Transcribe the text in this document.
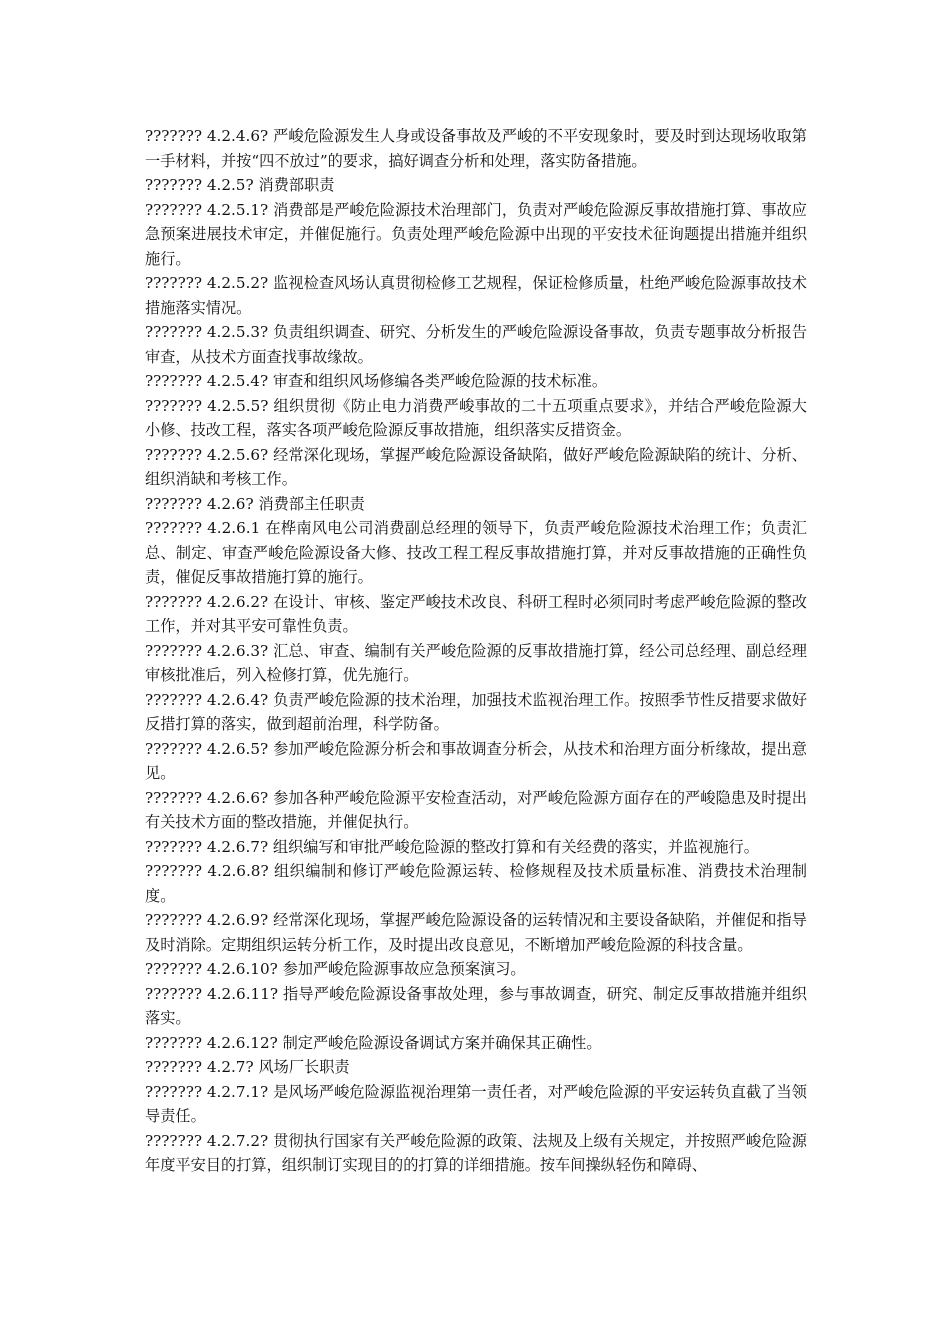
??????? 4.2.4.6? 严峻危险源发生人身或设备事故及严峻的不平安现象时，要及时到达现场收取第一手材料，并按“四不放过”的要求，搞好调查分析和处理，落实防备措施。

??????? 4.2.5? 消费部职责

??????? 4.2.5.1? 消费部是严峻危险源技术治理部门，负责对严峻危险源反事故措施打算、事故应急预案进展技术审定，并催促施行。负责处理严峻危险源中出现的平安技术征询题提出措施并组织施行。

??????? 4.2.5.2? 监视检查风场认真贯彻检修工艺规程，保证检修质量，杜绝严峻危险源事故技术措施落实情况。

??????? 4.2.5.3? 负责组织调查、研究、分析发生的严峻危险源设备事故，负责专题事故分析报告审查，从技术方面查找事故缘故。

??????? 4.2.5.4? 审查和组织风场修编各类严峻危险源的技术标准。

??????? 4.2.5.5? 组织贯彻《防止电力消费严峻事故的二十五项重点要求》，并结合严峻危险源大小修、技改工程，落实各项严峻危险源反事故措施，组织落实反措资金。

??????? 4.2.5.6? 经常深化现场，掌握严峻危险源设备缺陷，做好严峻危险源缺陷的统计、分析、组织消缺和考核工作。

??????? 4.2.6? 消费部主任职责

??????? 4.2.6.1 在桦南风电公司消费副总经理的领导下，负责严峻危险源技术治理工作；负责汇总、制定、审查严峻危险源设备大修、技改工程工程反事故措施打算，并对反事故措施的正确性负责，催促反事故措施打算的施行。

??????? 4.2.6.2? 在设计、审核、鉴定严峻技术改良、科研工程时必须同时考虑严峻危险源的整改工作，并对其平安可靠性负责。

??????? 4.2.6.3? 汇总、审查、编制有关严峻危险源的反事故措施打算，经公司总经理、副总经理审核批准后，列入检修打算，优先施行。

??????? 4.2.6.4? 负责严峻危险源的技术治理，加强技术监视治理工作。按照季节性反措要求做好反措打算的落实，做到超前治理，科学防备。

??????? 4.2.6.5? 参加严峻危险源分析会和事故调查分析会，从技术和治理方面分析缘故，提出意见。

??????? 4.2.6.6? 参加各种严峻危险源平安检查活动，对严峻危险源方面存在的严峻隐患及时提出有关技术方面的整改措施，并催促执行。

??????? 4.2.6.7? 组织编写和审批严峻危险源的整改打算和有关经费的落实，并监视施行。

??????? 4.2.6.8? 组织编制和修订严峻危险源运转、检修规程及技术质量标准、消费技术治理制度。

??????? 4.2.6.9? 经常深化现场，掌握严峻危险源设备的运转情况和主要设备缺陷，并催促和指导及时消除。定期组织运转分析工作，及时提出改良意见，不断增加严峻危险源的科技含量。

??????? 4.2.6.10? 参加严峻危险源事故应急预案演习。

??????? 4.2.6.11? 指导严峻危险源设备事故处理，参与事故调查，研究、制定反事故措施并组织落实。

??????? 4.2.6.12? 制定严峻危险源设备调试方案并确保其正确性。

??????? 4.2.7? 风场厂长职责

??????? 4.2.7.1? 是风场严峻危险源监视治理第一责任者，对严峻危险源的平安运转负直截了当领导责任。

??????? 4.2.7.2? 贯彻执行国家有关严峻危险源的政策、法规及上级有关规定，并按照严峻危险源年度平安目的打算，组织制订实现目的的打算的详细措施。按车间操纵轻伤和障碍、
